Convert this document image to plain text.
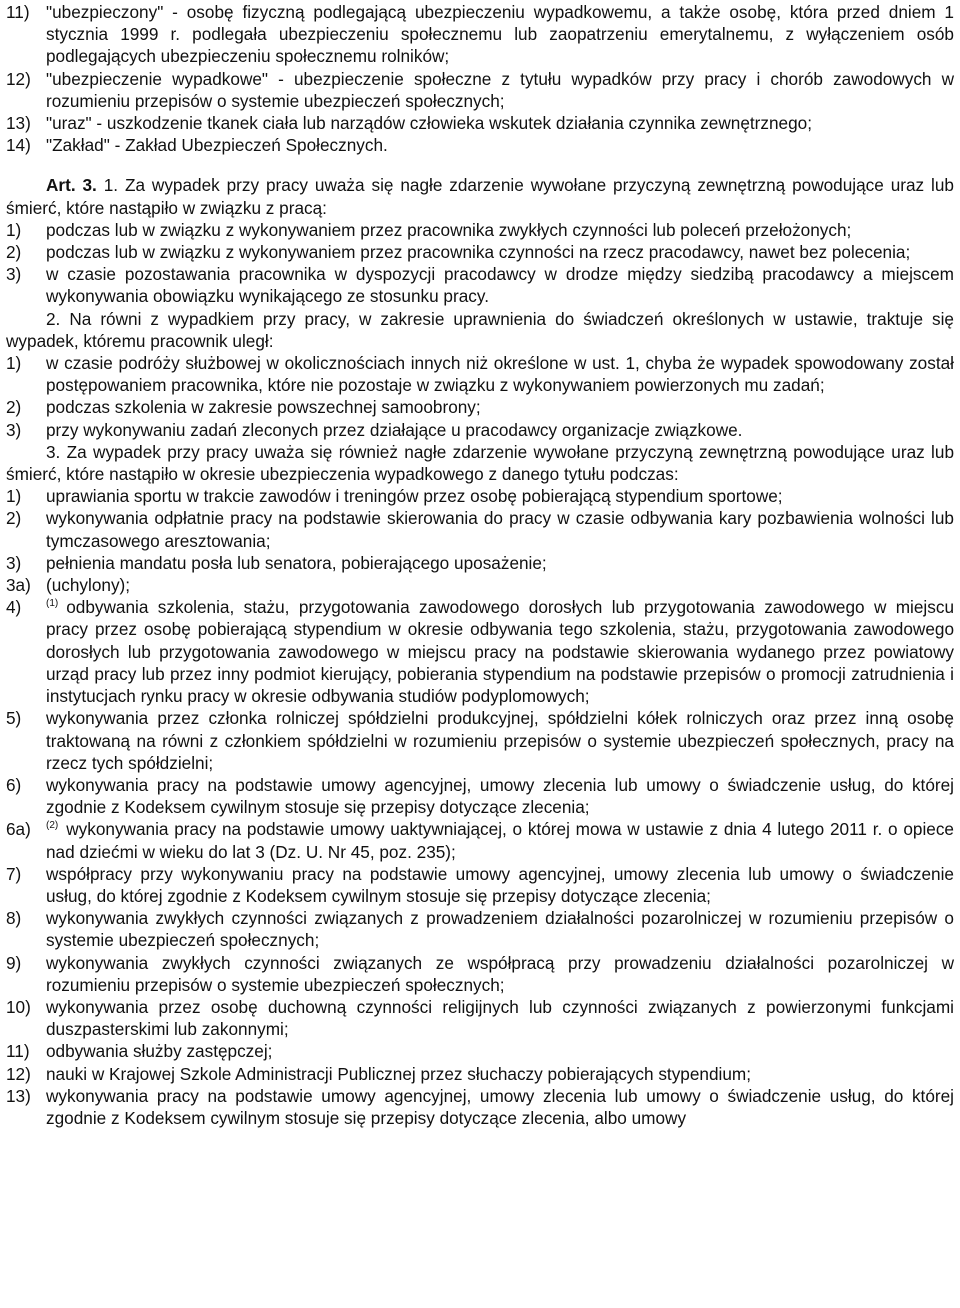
11) "ubezpieczony" - osobę fizyczną podlegającą ubezpieczeniu wypadkowemu, a także osobę, która przed dniem 1 stycznia 1999 r. podlegała ubezpieczeniu społecznemu lub zaopatrzeniu emerytalnemu, z wyłączeniem osób podlegających ubezpieczeniu społecznemu rolników;
12) "ubezpieczenie wypadkowe" - ubezpieczenie społeczne z tytułu wypadków przy pracy i chorób zawodowych w rozumieniu przepisów o systemie ubezpieczeń społecznych;
13) "uraz" - uszkodzenie tkanek ciała lub narządów człowieka wskutek działania czynnika zewnętrznego;
14) "Zakład" - Zakład Ubezpieczeń Społecznych.

Art. 3. 1. Za wypadek przy pracy uważa się nagłe zdarzenie wywołane przyczyną zewnętrzną powodujące uraz lub śmierć, które nastąpiło w związku z pracą:

1)	podczas lub w związku z wykonywaniem przez pracownika zwykłych czynności lub poleceń przełożonych;
2)	podczas lub w związku z wykonywaniem przez pracownika czynności na rzecz pracodawcy, nawet bez polecenia;
3)	w czasie pozostawania pracownika w dyspozycji pracodawcy w drodze między siedzibą pracodawcy a miejscem wykonywania obowiązku wynikającego ze stosunku pracy.

2. Na równi z wypadkiem przy pracy, w zakresie uprawnienia do świadczeń określonych w ustawie, traktuje się wypadek, któremu pracownik uległ:

1)	w czasie podróży służbowej w okolicznościach innych niż określone w ust. 1, chyba że wypadek spowodowany został postępowaniem pracownika, które nie pozostaje w związku z wykonywaniem powierzonych mu zadań;
2)	podczas szkolenia w zakresie powszechnej samoobrony;
3)	przy wykonywaniu zadań zleconych przez działające u pracodawcy organizacje związkowe.

3. Za wypadek przy pracy uważa się również nagłe zdarzenie wywołane przyczyną zewnętrzną powodujące uraz lub śmierć, które nastąpiło w okresie ubezpieczenia wypadkowego z danego tytułu podczas:

1)	uprawiania sportu w trakcie zawodów i treningów przez osobę pobierającą stypendium sportowe;
2)	wykonywania odpłatnie pracy na podstawie skierowania do pracy w czasie odbywania kary pozbawienia wolności lub tymczasowego aresztowania;
3)	pełnienia mandatu posła lub senatora, pobierającego uposażenie;
3a) (uchylony);
4)	$^{(1)}$ odbywania szkolenia, stażu, przygotowania zawodowego dorosłych lub przygotowania zawodowego w miejscu pracy przez osobę pobierającą stypendium w okresie odbywania tego szkolenia, stażu, przygotowania zawodowego dorosłych lub przygotowania zawodowego w miejscu pracy na podstawie skierowania wydanego przez powiatowy urząd pracy lub przez inny podmiot kierujący, pobierania stypendium na podstawie przepisów o promocji zatrudnienia i instytucjach rynku pracy w okresie odbywania studiów podyplomowych;
5)	wykonywania przez członka rolniczej spółdzielni produkcyjnej, spółdzielni kółek rolniczych oraz przez inną osobę traktowaną na równi z członkiem spółdzielni w rozumieniu przepisów o systemie ubezpieczeń społecznych, pracy na rzecz tych spółdzielni;
6)	wykonywania pracy na podstawie umowy agencyjnej, umowy zlecenia lub umowy o świadczenie usług, do której zgodnie z Kodeksem cywilnym stosuje się przepisy dotyczące zlecenia;
6a)	$^{(2)}$ wykonywania pracy na podstawie umowy uaktywniającej, o której mowa w ustawie z dnia 4 lutego 2011 r. o opiece nad dziećmi w wieku do lat 3 (Dz. U. Nr 45, poz. 235);
7)	współpracy przy wykonywaniu pracy na podstawie umowy agencyjnej, umowy zlecenia lub umowy o świadczenie usług, do której zgodnie z Kodeksem cywilnym stosuje się przepisy dotyczące zlecenia;
8)	wykonywania zwykłych czynności związanych z prowadzeniem działalności pozarolniczej w rozumieniu przepisów o systemie ubezpieczeń społecznych;
9)	wykonywania zwykłych czynności związanych ze współpracą przy prowadzeniu działalności pozarolniczej w rozumieniu przepisów o systemie ubezpieczeń społecznych;
10) wykonywania przez osobę duchowną czynności religijnych lub czynności związanych z powierzonymi funkcjami duszpasterskimi lub zakonnymi;
11) odbywania służby zastępczej;
12) nauki w Krajowej Szkole Administracji Publicznej przez słuchaczy pobierających stypendium;
13) wykonywania pracy na podstawie umowy agencyjnej, umowy zlecenia lub umowy o świadczenie usług, do której zgodnie z Kodeksem cywilnym stosuje się przepisy dotyczące zlecenia, albo umowy
